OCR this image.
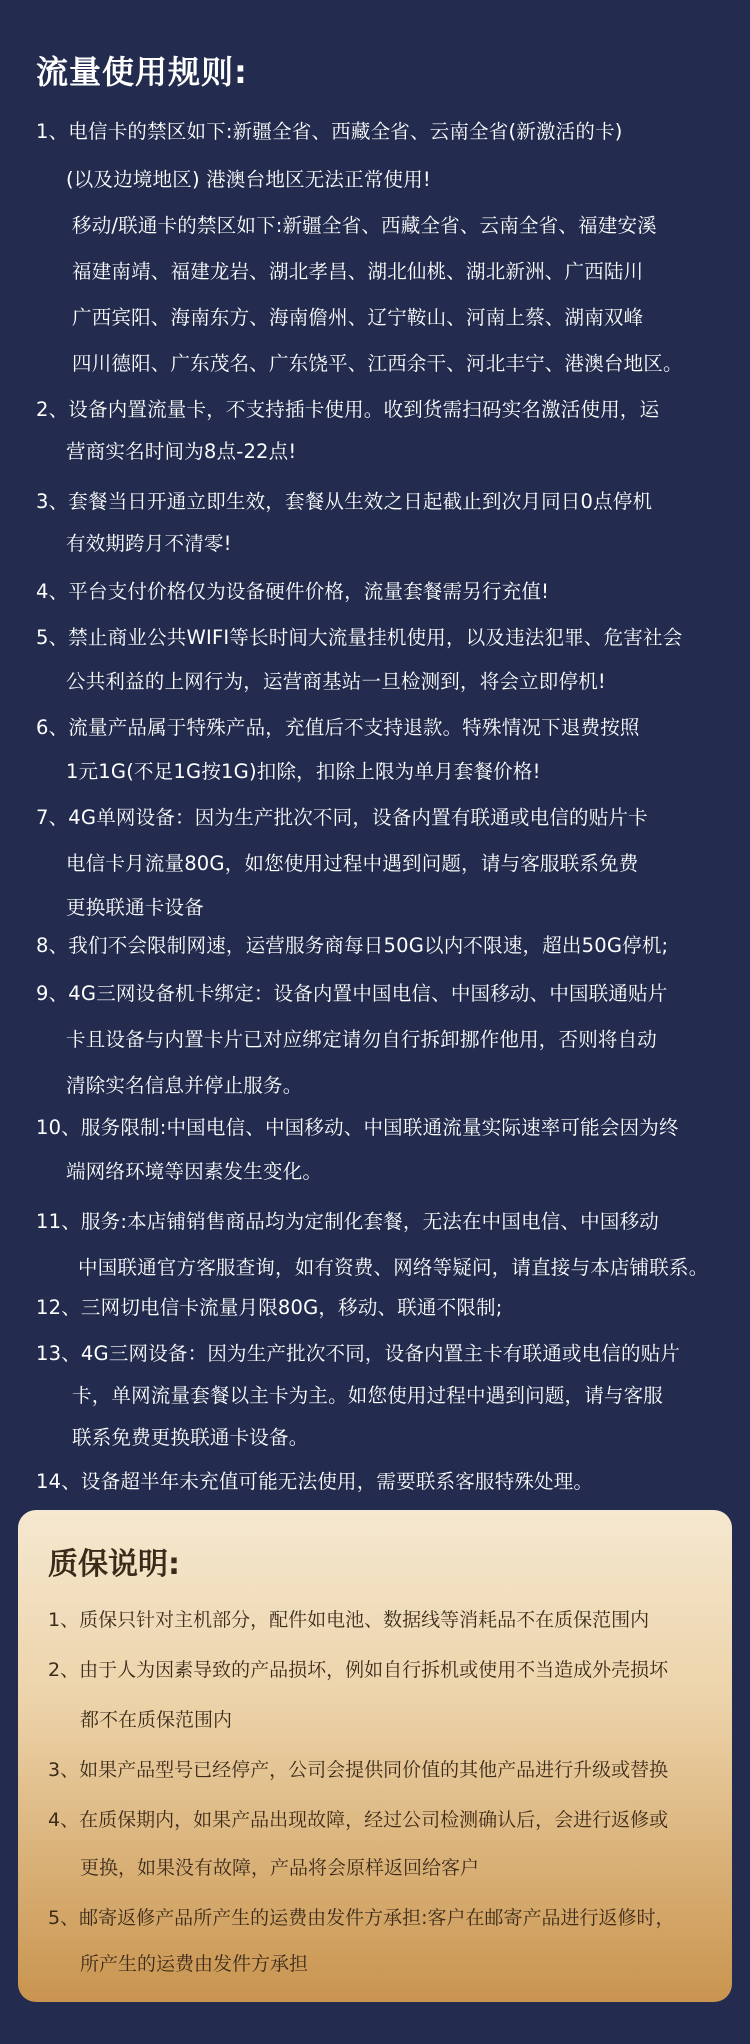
流量使用规则:
1、电信卡的禁区如下:新疆全省、西藏全省、云南全省(新激活的卡)
(以及边境地区) 港澳台地区无法正常使用!
移动/联通卡的禁区如下:新疆全省、西藏全省、云南全省、福建安溪
福建南靖、福建龙岩、湖北孝昌、湖北仙桃、湖北新洲、广西陆川
广西宾阳、海南东方、海南儋州、辽宁鞍山、河南上蔡、湖南双峰
四川德阳、广东茂名、广东饶平、江西余干、河北丰宁、港澳台地区。
2、设备内置流量卡，不支持插卡使用。收到货需扫码实名激活使用，运
营商实名时间为8点-22点!
3、套餐当日开通立即生效，套餐从生效之日起截止到次月同日0点停机
有效期跨月不清零!
4、平台支付价格仅为设备硬件价格，流量套餐需另行充值!
5、禁止商业公共WIFI等长时间大流量挂机使用，以及违法犯罪、危害社会
公共利益的上网行为，运营商基站一旦检测到，将会立即停机!
6、流量产品属于特殊产品，充值后不支持退款。特殊情况下退费按照
1元1G(不足1G按1G)扣除，扣除上限为单月套餐价格!
7、4G单网设备：因为生产批次不同，设备内置有联通或电信的贴片卡
电信卡月流量80G，如您使用过程中遇到问题，请与客服联系免费
更换联通卡设备
8、我们不会限制网速，运营服务商每日50G以内不限速，超出50G停机;
9、4G三网设备机卡绑定：设备内置中国电信、中国移动、中国联通贴片
卡且设备与内置卡片已对应绑定请勿自行拆卸挪作他用，否则将自动
清除实名信息并停止服务。
10、服务限制:中国电信、中国移动、中国联通流量实际速率可能会因为终
端网络环境等因素发生变化。
11、服务:本店铺销售商品均为定制化套餐，无法在中国电信、中国移动
中国联通官方客服查询，如有资费、网络等疑问，请直接与本店铺联系。
12、三网切电信卡流量月限80G，移动、联通不限制;
13、4G三网设备：因为生产批次不同，设备内置主卡有联通或电信的贴片
卡，单网流量套餐以主卡为主。如您使用过程中遇到问题，请与客服
联系免费更换联通卡设备。
14、设备超半年未充值可能无法使用，需要联系客服特殊处理。
质保说明:
1、质保只针对主机部分，配件如电池、数据线等消耗品不在质保范围内
2、由于人为因素导致的产品损坏，例如自行拆机或使用不当造成外壳损坏
都不在质保范围内
3、如果产品型号已经停产，公司会提供同价值的其他产品进行升级或替换
4、在质保期内，如果产品出现故障，经过公司检测确认后，会进行返修或
更换，如果没有故障，产品将会原样返回给客户
5、邮寄返修产品所产生的运费由发件方承担:客户在邮寄产品进行返修时，
所产生的运费由发件方承担
